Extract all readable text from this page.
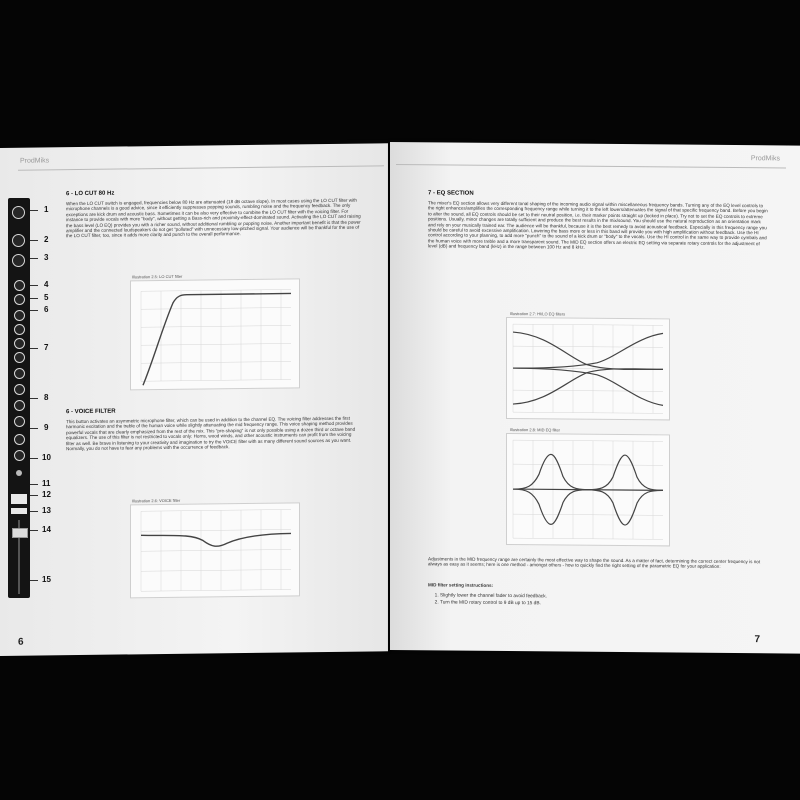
ProdMiks
6 - LO CUT 80 Hz

When the LO CUT switch is engaged, frequencies below 80 Hz are attenuated (18 dB octave slope). In most cases using the LO CUT filter with microphone channels is a good advice, since it efficiently suppresses popping sounds, rumbling noise and the frequency feedback. The only exceptions are kick drum and acoustic bass. Sometimes it can be also very effective to combine the LO CUT filter with the voicing filter. For instance to provide vocals with more "body", without getting a Bass-rich and proximity-effect-dominated sound. Activating the LO CUT and raising the bass level (LO EQ) provides you with a richer sound, without additional rumbling or popping noise. Another important benefit is that the power amplifier and the connected loudspeakers do not get "polluted" with unnecessary low-pitched signal. Your audience will be thankful for the use of the LO CUT filter, too, since it adds more clarity and punch to the overall performance.

Illustration 2.5: LO CUT filter
6 - VOICE FILTER

This button activates an asymmetric microphone filter, which can be used in addition to the channel EQ. The voicing filter addresses the first harmonic excitation and the treble of the human voice while slightly attenuating the mid frequency range. This voice shaping method provides powerful vocals that are clearly emphasized from the rest of the mix. This "pre-shaping" is not only possible using a dozen third or octave band equalizers. The use of this filter is not restricted to vocals only: Horns, wood winds, and other acoustic instruments can profit from the voicing filter as well. Be brave in listening to your creativity and imagination to try the VOICE filter with as many different sound sources as you want. Normally, you do not have to fear any problems with the occurrence of feedback.

Illustration 2.6: VOICE filter
6
1
2
3
4
5
6
7
8
9
10
11
12
13
14
15
ProdMiks
7 - EQ SECTION

The mixer's EQ section allows very different tonal shaping of the incoming audio signal within miscellaneous frequency bands. Turning any of the EQ level controls to the right enhances/amplifies the corresponding frequency range while turning it to the left lowers/attenuates the signal of that specific frequency band. Before you begin to alter the sound, all EQ controls should be set to their neutral position, i.e. their marker points straight up (locked in place). Try not to set the EQ controls to extreme positions. Usually, minor changes are totally sufficient and produce the best results in the mix/sound. You should use the natural reproduction as an orientation mark and rely on your musically trained ear. The audience will be thankful, because it is the best remedy to avoid acoustical feedback. Especially in this frequency range you should be careful to avoid excessive amplification. Lowering the bass more or less in this band will provide you with high amplification without feedback. Use the HI control according to your planning, to add more "punch" to the sound of a kick drum or "body" to the vocals. Use the HI control in the same way to provide cymbals and the human voice with more treble and a more transparent sound. The MID EQ section offers an electric EQ setting via separate rotary controls for the adjustment of level (dB) and frequency band (kHz) in the range between 100 Hz and 8 kHz.

Illustration 2.7: HI/LO EQ filters
Illustration 2.8: MID EQ filter

Adjustments in the MID frequency range are certainly the most effective way to shape the sound. As a matter of fact, determining the correct center frequency is not always as easy as it seems; here is one method - amongst others - how to quickly find the right setting of the parametric EQ for your application:

MID filter setting instructions:
1. Slightly lower the channel fader to avoid feedback.
2. Turn the MID rotary control to 9 dB up to 15 dB.
7
